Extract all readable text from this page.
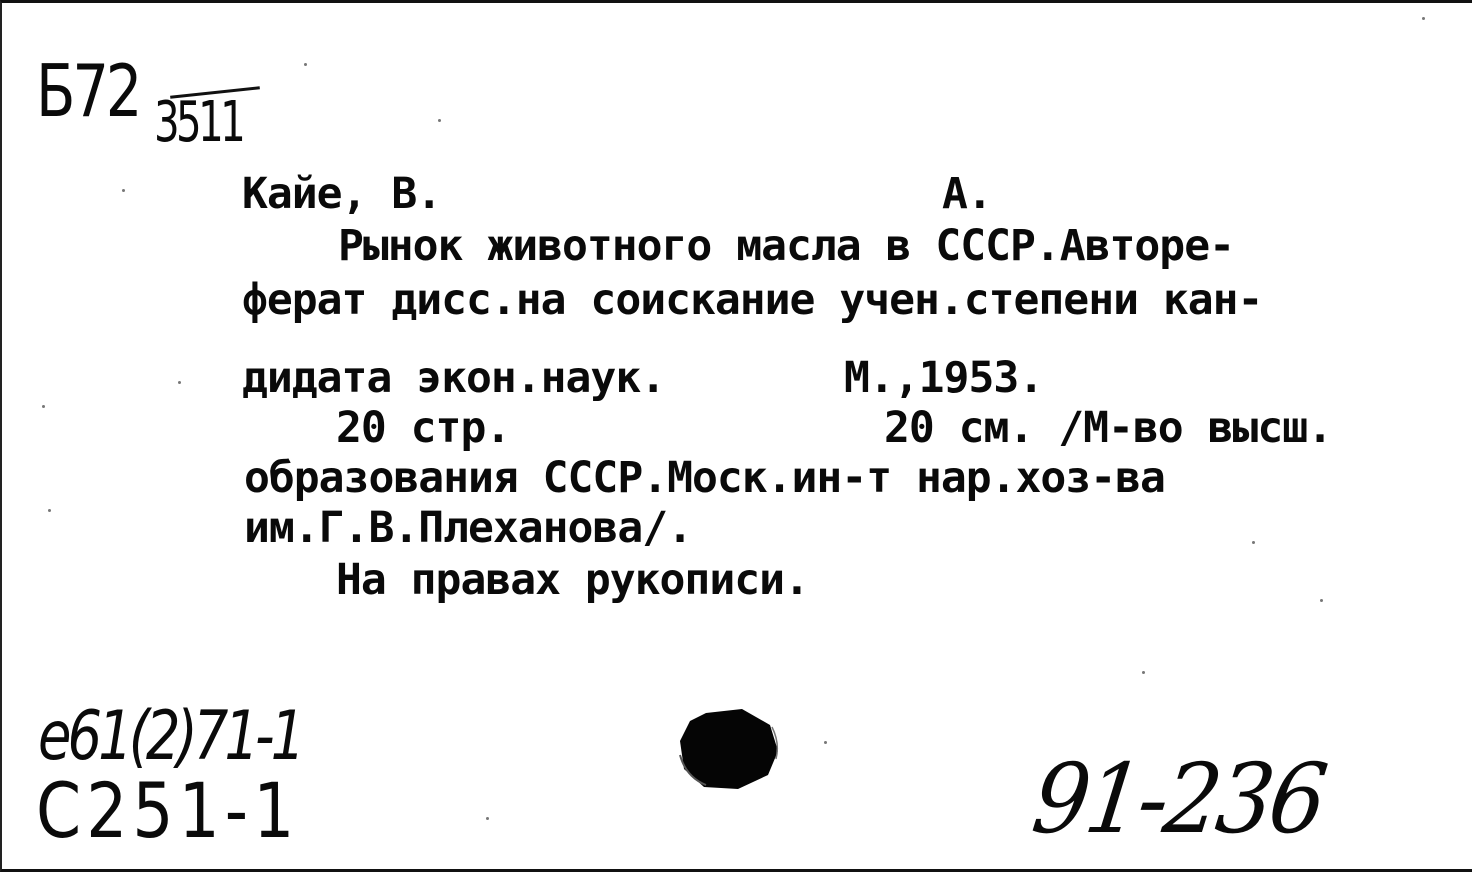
Б72 3511
Кайе, В.	А.
Рынок животного масла в СССР.Автоpe-
ферат дисс.на соискание учен.степени кан-
дидата экон.наук.	М.,1953.
20 стр.	20 см. /М-во высш.
образования СССР.Моск.ин-т нар.хоз-ва
им.Г.В.Плеханова/.
На правах рукописи.
e61(2)71-1
C251-1	91-236
